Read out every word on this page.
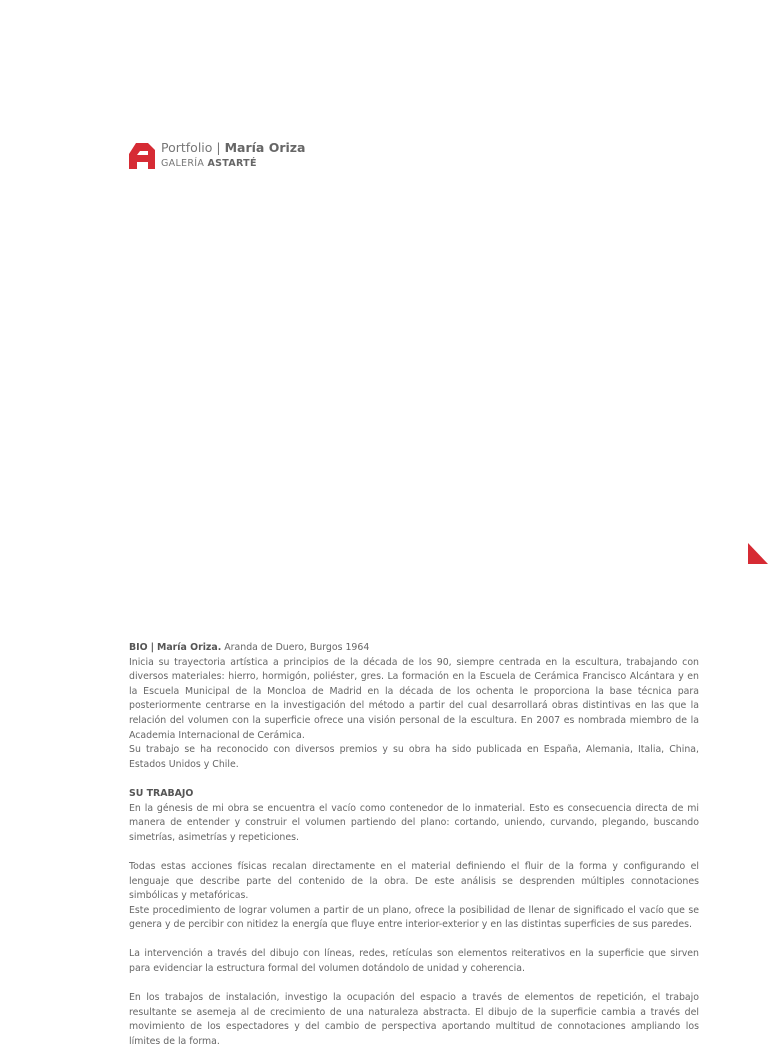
Portfolio | María Oriza
GALERÍA ASTARTÉ

BIO | María Oriza. Aranda de Duero, Burgos 1964

Inicia su trayectoria artística a principios de la década de los 90, siempre centrada en la escultura, trabajando con diversos materiales: hierro, hormigón, poliéster, gres. La formación en la Escuela de Cerámica Francisco Alcántara y en la Escuela Municipal de la Moncloa de Madrid en la década de los ochenta le proporciona la base técnica para posteriormente centrarse en la investigación del método a partir del cual desarrollará obras distintivas en las que la relación del volumen con la superficie ofrece una visión personal de la escultura. En 2007 es nombrada miembro de la Academia Internacional de Cerámica.

Su trabajo se ha reconocido con diversos premios y su obra ha sido publicada en España, Alemania, Italia, China, Estados Unidos y Chile.

SU TRABAJO

En la génesis de mi obra se encuentra el vacío como contenedor de lo inmaterial. Esto es consecuencia directa de mi manera de entender y construir el volumen partiendo del plano: cortando, uniendo, curvando, plegando, buscando simetrías, asimetrías y repeticiones.

Todas estas acciones físicas recalan directamente en el material definiendo el fluir de la forma y configurando el lenguaje que describe parte del contenido de la obra. De este análisis se desprenden múltiples connotaciones simbólicas y metafóricas.

Este procedimiento de lograr volumen a partir de un plano, ofrece la posibilidad de llenar de significado el vacío que se genera y de percibir con nitidez la energía que fluye entre interior-exterior y en las distintas superficies de sus paredes.

La intervención a través del dibujo con líneas, redes, retículas son elementos reiterativos en la superficie que sirven para evidenciar la estructura formal del volumen dotándolo de unidad y coherencia.

En los trabajos de instalación, investigo la ocupación del espacio a través de elementos de repetición, el trabajo resultante se asemeja al de crecimiento de una naturaleza abstracta. El dibujo de la superficie cambia a través del movimiento de los espectadores y del cambio de perspectiva aportando multitud de connotaciones ampliando los límites de la forma.
